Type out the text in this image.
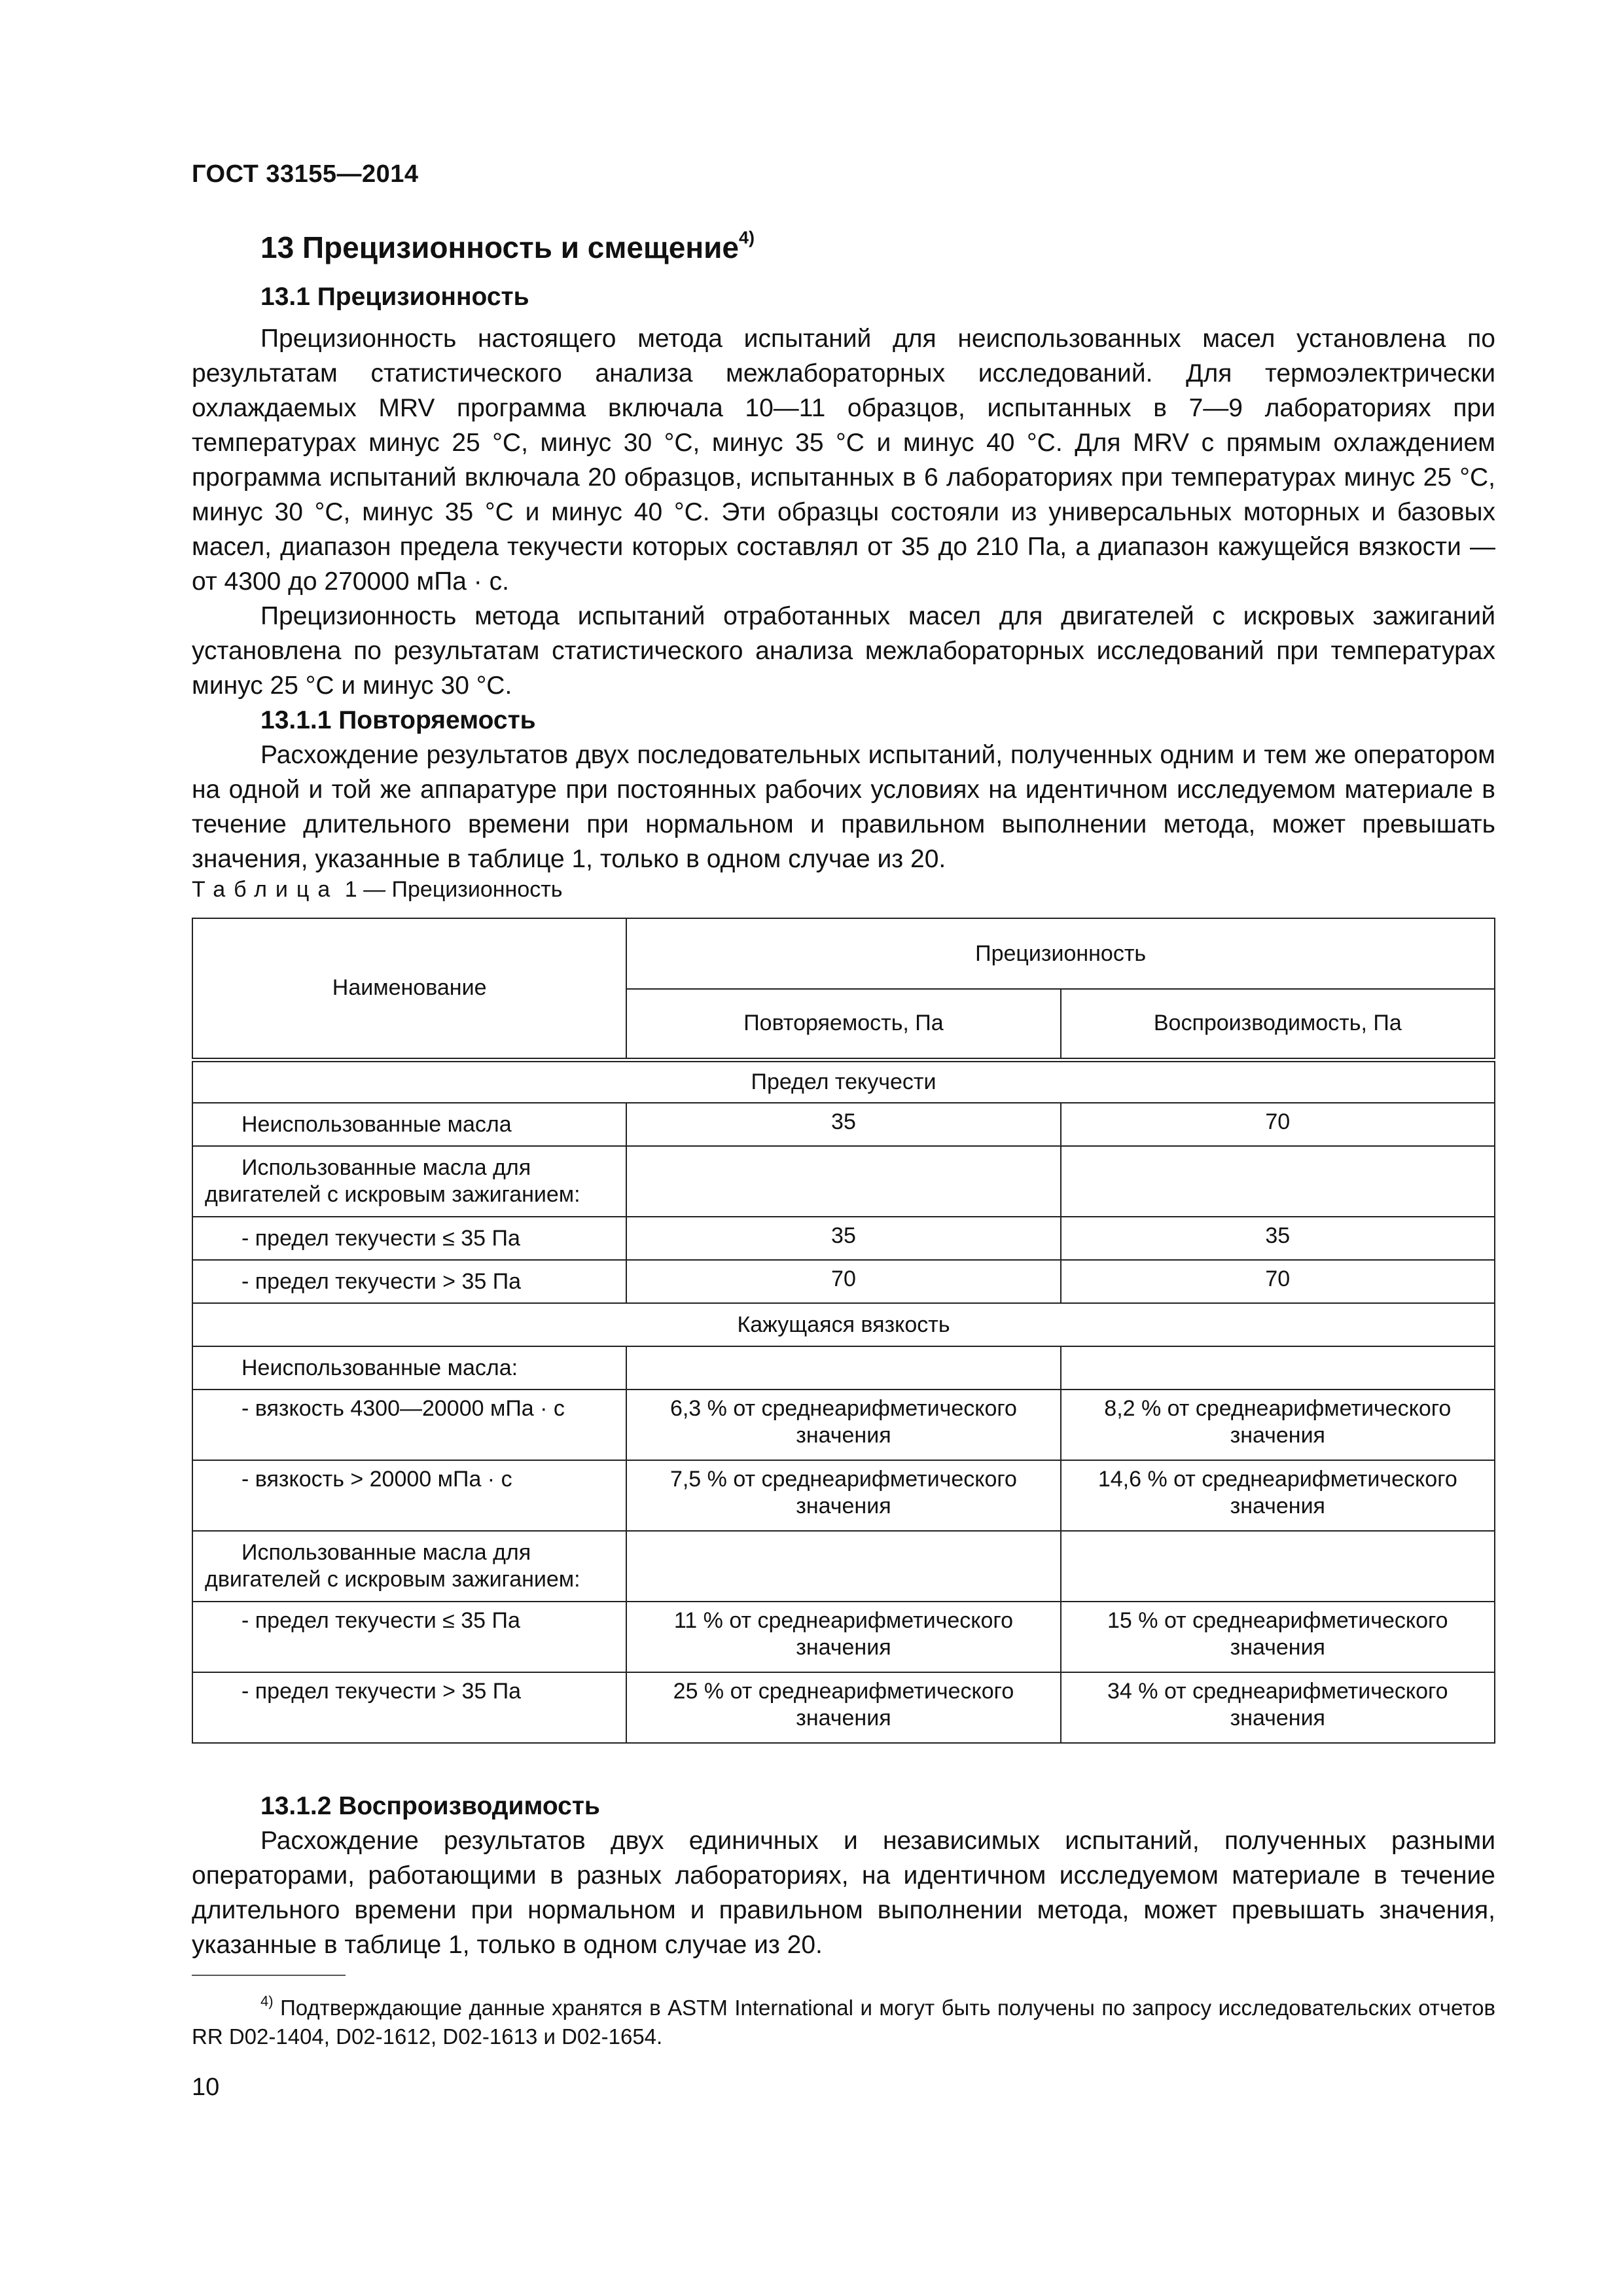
ГОСТ 33155—2014
13 Прецизионность и смещение$^{4)}$
13.1 Прецизионность

Прецизионность настоящего метода испытаний для неиспользованных масел установлена по результатам статистического анализа межлабораторных исследований. Для термоэлектрически охлаждаемых MRV программа включала 10—11 образцов, испытанных в 7—9 лабораториях при температурах минус 25 °С, минус 30 °С, минус 35 °С и минус 40 °С. Для MRV с прямым охлаждением программа испытаний включала 20 образцов, испытанных в 6 лабораториях при температурах минус 25 °С, минус 30 °С, минус 35 °С и минус 40 °С. Эти образцы состояли из универсальных моторных и базовых масел, диапазон предела текучести которых составлял от 35 до 210 Па, а диапазон кажущейся вязкости — от 4300 до 270000 мПа · с.

Прецизионность метода испытаний отработанных масел для двигателей с искровых зажиганий установлена по результатам статистического анализа межлабораторных исследований при температурах минус 25 °С и минус 30 °С.

13.1.1 Повторяемость

Расхождение результатов двух последовательных испытаний, полученных одним и тем же оператором на одной и той же аппаратуре при постоянных рабочих условиях на идентичном исследуемом материале в течение длительного времени при нормальном и правильном выполнении метода, может превышать значения, указанные в таблице 1, только в одном случае из 20.

Таблица 1 — Прецизионность
Наименование	Прецизионность	
	Повторяемость, Па	Воспроизводимость, Па
Предел текучести		
Неиспользованные масла	35	70
Использованные масла для двигателей с искровым зажиганием:		
- предел текучести ≤ 35 Па	35	35
- предел текучести > 35 Па	70	70
Кажущаяся вязкость		
Неиспользованные масла:		
- вязкость 4300—20000 мПа · с	6,3 % от среднеарифметического значения	8,2 % от среднеарифметического значения
- вязкость > 20000 мПа · с	7,5 % от среднеарифметического значения	14,6 % от среднеарифметического значения
Использованные масла для двигателей с искровым зажиганием:		
- предел текучести ≤ 35 Па	11 % от среднеарифметического значения	15 % от среднеарифметического значения
- предел текучести > 35 Па	25 % от среднеарифметического значения	34 % от среднеарифметического значения

13.1.2 Воспроизводимость

Расхождение результатов двух единичных и независимых испытаний, полученных разными операторами, работающими в разных лабораториях, на идентичном исследуемом материале в течение длительного времени при нормальном и правильном выполнении метода, может превышать значения, указанные в таблице 1, только в одном случае из 20.

$^{4)}$ Подтверждающие данные хранятся в ASTM International и могут быть получены по запросу исследовательских отчетов RR D02-1404, D02-1612, D02-1613 и D02-1654.

10
